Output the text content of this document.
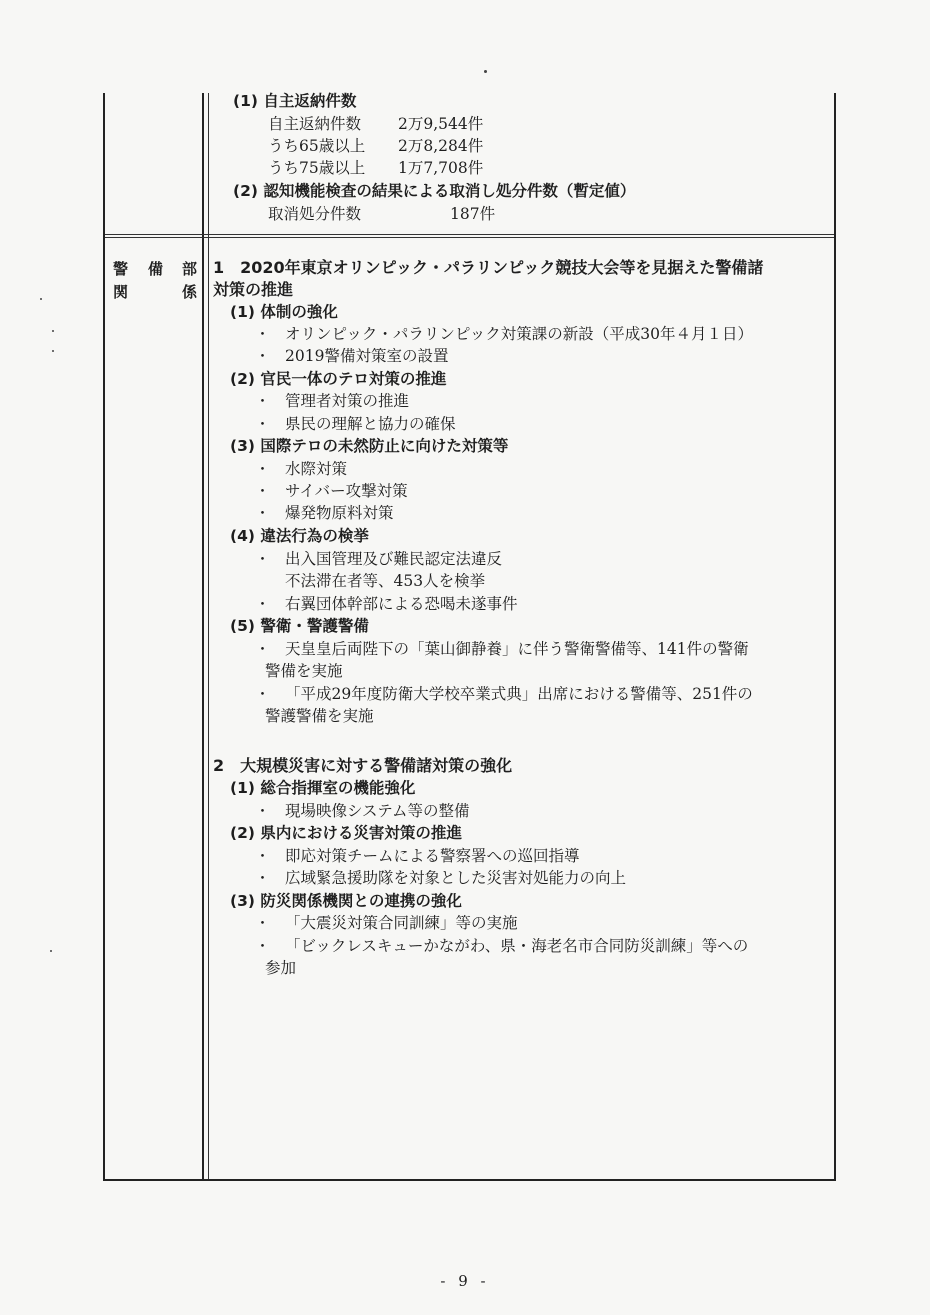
警 備 部
関	係
(1) 自主返納件数
自主返納件数 2万9,544件
うち65歳以上 2万8,284件
うち75歳以上 1万7,708件
(2) 認知機能検査の結果による取消し処分件数（暫定値）
取消処分件数	187件
1　2020年東京オリンピック・パラリンピック競技大会等を見据えた警備諸
対策の推進
(1) 体制の強化
・ オリンピック・パラリンピック対策課の新設（平成30年４月１日）
・ 2019警備対策室の設置
(2) 官民一体のテロ対策の推進
・ 管理者対策の推進
・ 県民の理解と協力の確保
(3) 国際テロの未然防止に向けた対策等
・ 水際対策
・ サイバー攻撃対策
・ 爆発物原料対策
(4) 違法行為の検挙
・ 出入国管理及び難民認定法違反
不法滞在者等、453人を検挙
・ 右翼団体幹部による恐喝未遂事件
(5) 警衛・警護警備
・ 天皇皇后両陛下の「葉山御静養」に伴う警衛警備等、141件の警衛
警備を実施
・ 「平成29年度防衛大学校卒業式典」出席における警備等、251件の
警護警備を実施
2　大規模災害に対する警備諸対策の強化
(1) 総合指揮室の機能強化
・ 現場映像システム等の整備
(2) 県内における災害対策の推進
・ 即応対策チームによる警察署への巡回指導
・ 広域緊急援助隊を対象とした災害対処能力の向上
(3) 防災関係機関との連携の強化
・ 「大震災対策合同訓練」等の実施
・ 「ビックレスキューかながわ、県・海老名市合同防災訓練」等への
参加
- 9 -
